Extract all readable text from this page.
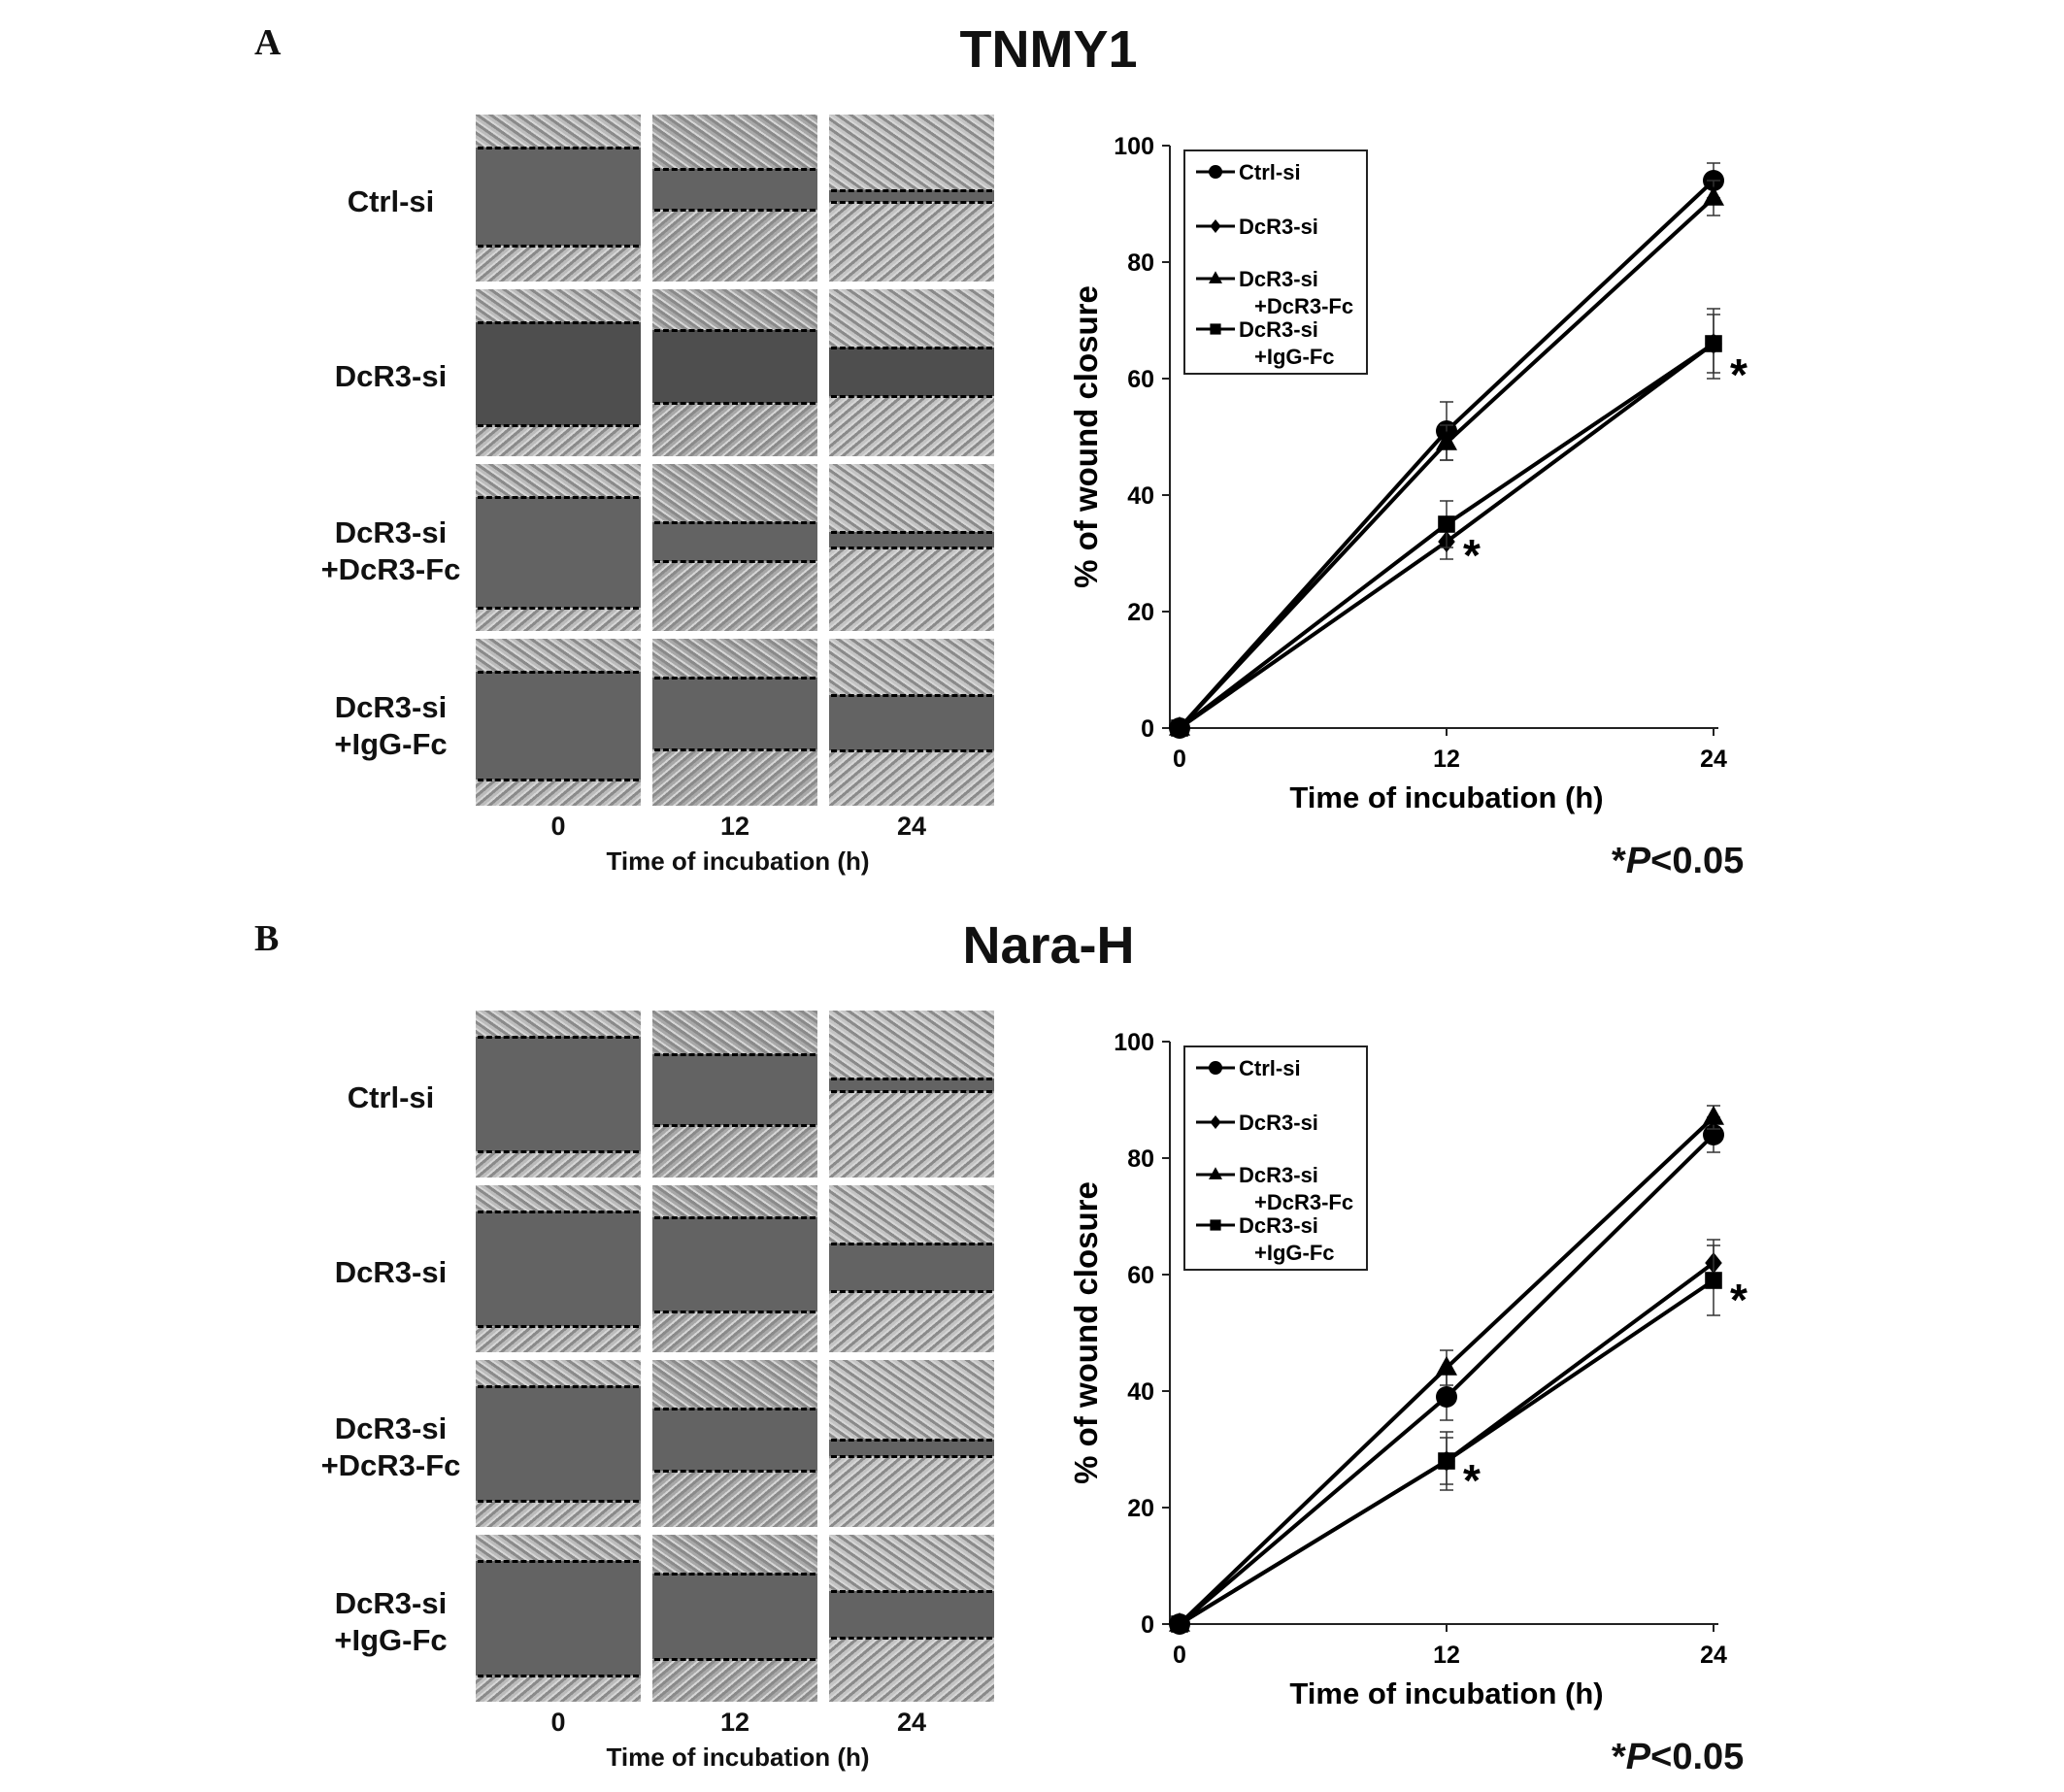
A	TNMY1
Ctrl-si
DcR3-si
DcR3-si
+DcR3-Fc
DcR3-si
+IgG-Fc
0	12	24
Time of incubation (h)	*P<0.05
0
20
40
60
80
100
0	12	24
Time of incubation (h)
% of wound closure	*
*
Ctrl-si
DcR3-si
DcR3-si
+DcR3-Fc
DcR3-si
+IgG-Fc
B	Nara-H
Ctrl-si
DcR3-si
DcR3-si
+DcR3-Fc
DcR3-si
+IgG-Fc
0	12	24
Time of incubation (h)	*P<0.05
0
20
40
60
80
100
0	12	24
Time of incubation (h)
% of wound closure	*
*
Ctrl-si
DcR3-si
DcR3-si
+DcR3-Fc
DcR3-si
+IgG-Fc
